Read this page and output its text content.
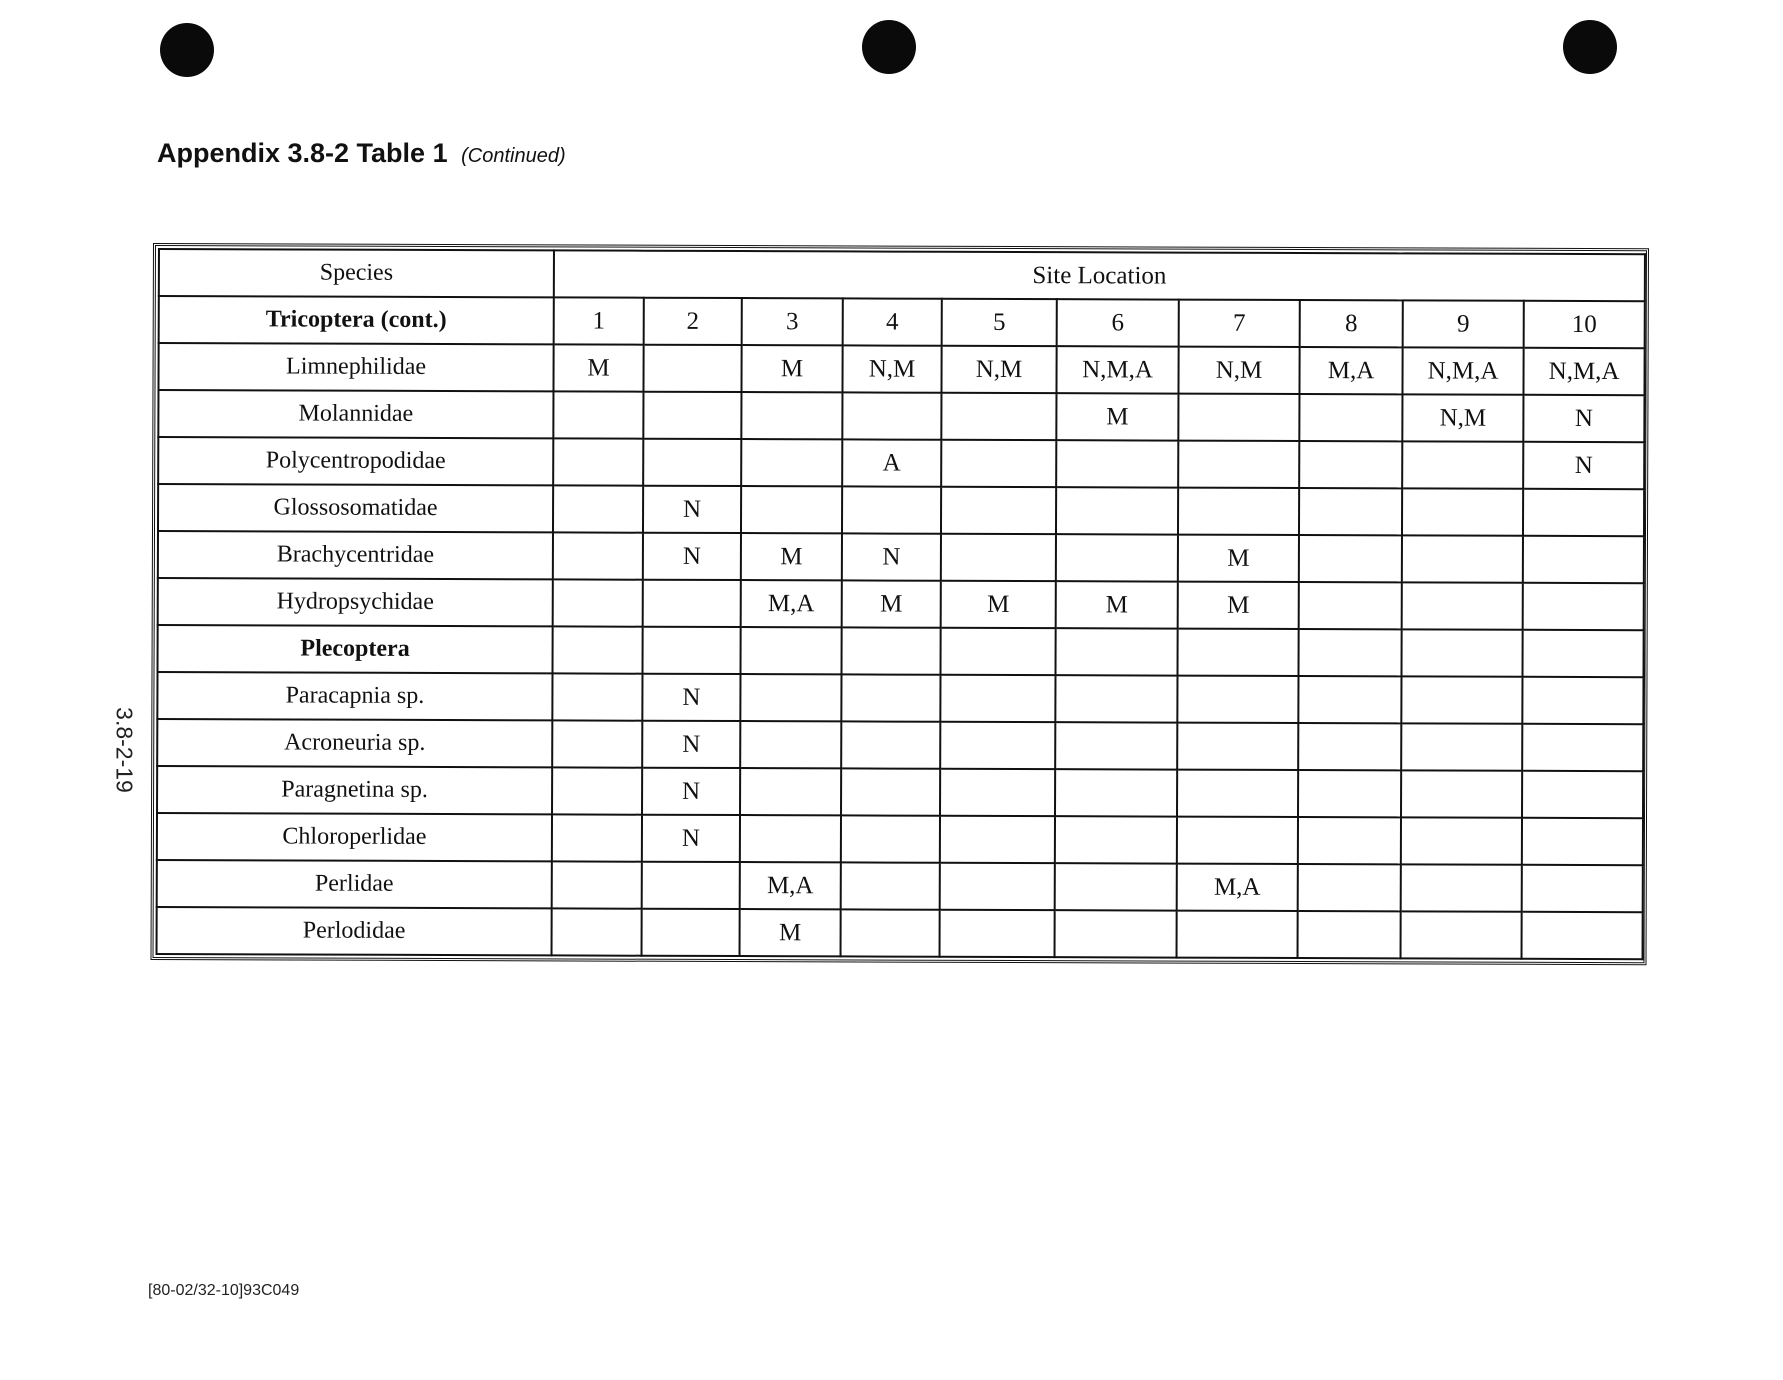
Appendix 3.8-2 Table 1 (Continued)
3.8-2-19
Species	Site Location									
Tricoptera (cont.)	1	2	3	4	5	6	7	8	9	10
Limnephilidae	M		M	N,M	N,M	N,M,A	N,M	M,A	N,M,A	N,M,A
Molannidae						M			N,M	N
Polycentropodidae				A						N
Glossosomatidae		N								
Brachycentridae		N	M	N			M			
Hydropsychidae			M,A	M	M	M	M			
Plecoptera										
Paracapnia sp.		N								
Acroneuria sp.		N								
Paragnetina sp.		N								
Chloroperlidae		N								
Perlidae			M,A				M,A			
Perlodidae			M							
[80-02/32-10]93C049
